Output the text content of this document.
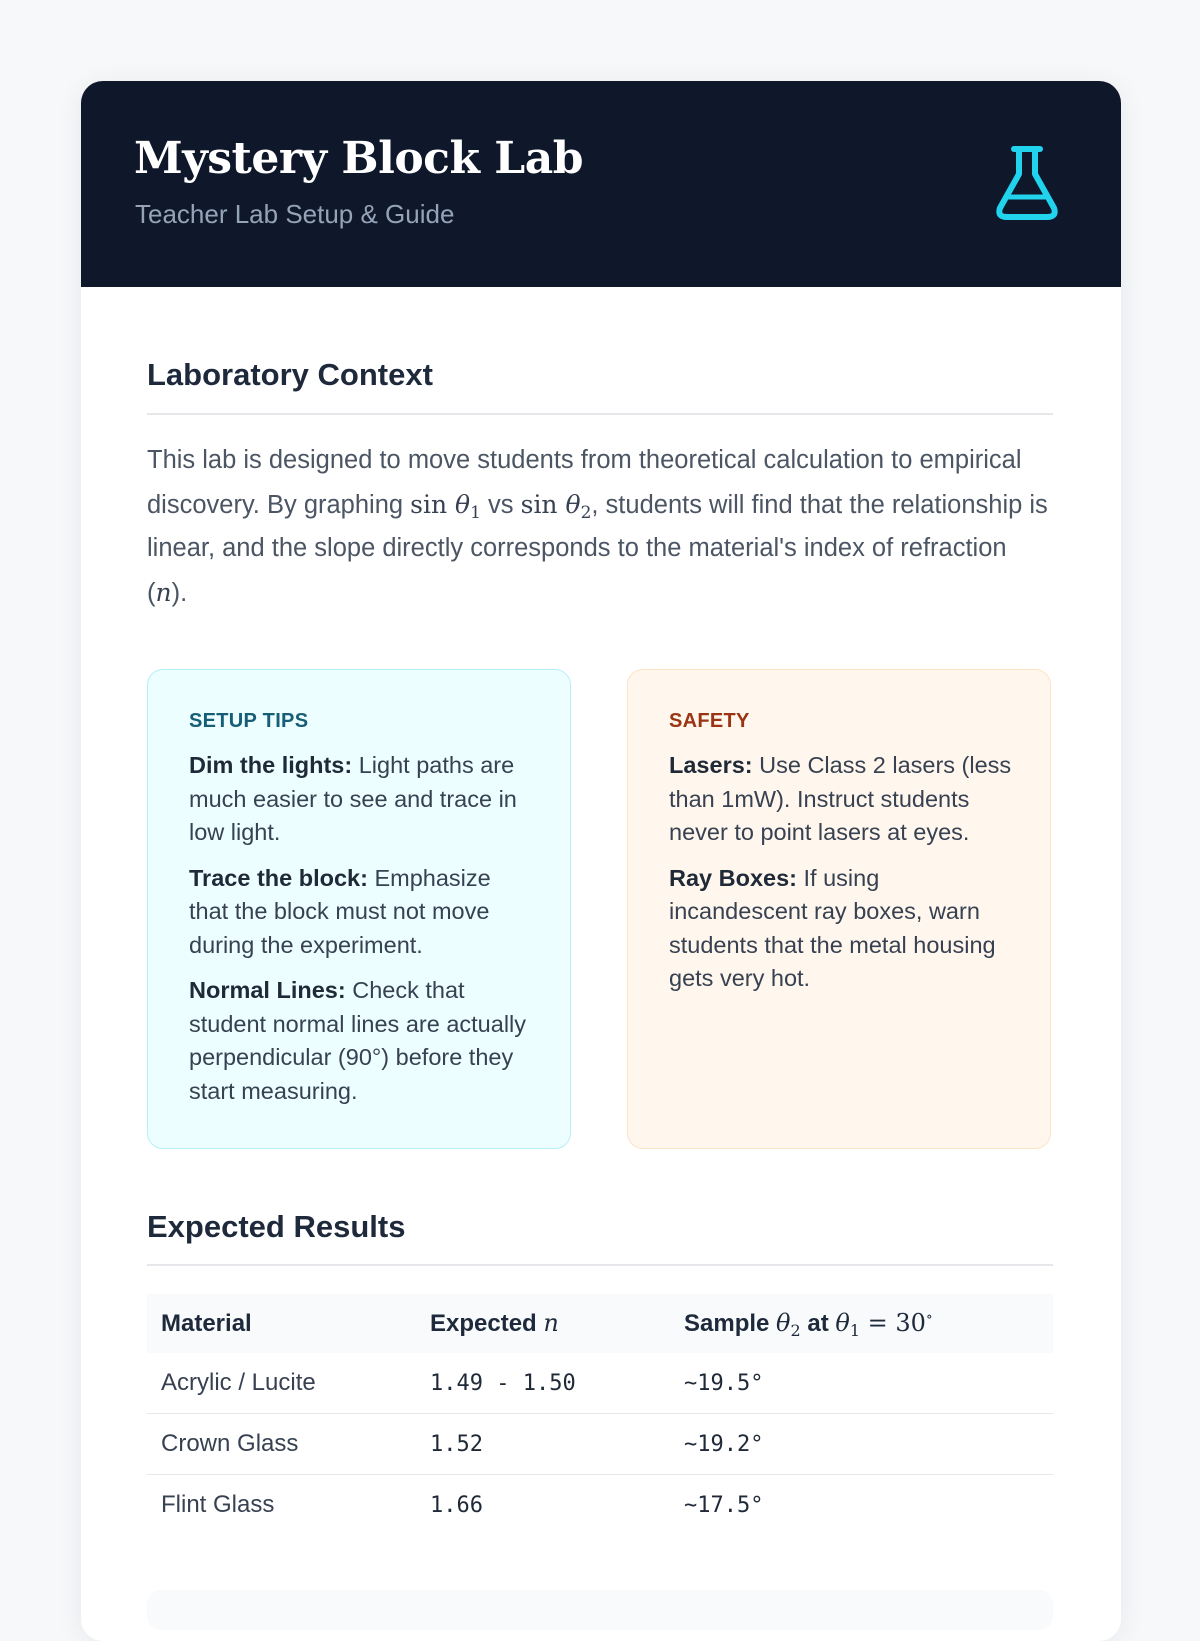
Mystery Block Lab
Teacher Lab Setup & Guide
Laboratory Context

This lab is designed to move students from theoretical calculation to empirical discovery. By graphing $\sin \theta_1$ vs $\sin \theta_2$, students will find that the relationship is linear, and the slope directly corresponds to the material's index of refraction (n).

SETUP TIPS

Dim the lights: Light paths are much easier to see and trace in low light.

Trace the block: Emphasize that the block must not move during the experiment.

Normal Lines: Check that student normal lines are actually perpendicular (90°) before they start measuring.

SAFETY

Lasers: Use Class 2 lasers (less than 1mW). Instruct students never to point lasers at eyes.

Ray Boxes: If using incandescent ray boxes, warn students that the metal housing gets very hot.

Expected Results
Material	Expected n	Sample $\theta_2$ at $\theta_1 = 30^\circ$
Acrylic / Lucite	1.49 - 1.50	~19.5°
Crown Glass	1.52	~19.2°
Flint Glass	1.66	~17.5°
